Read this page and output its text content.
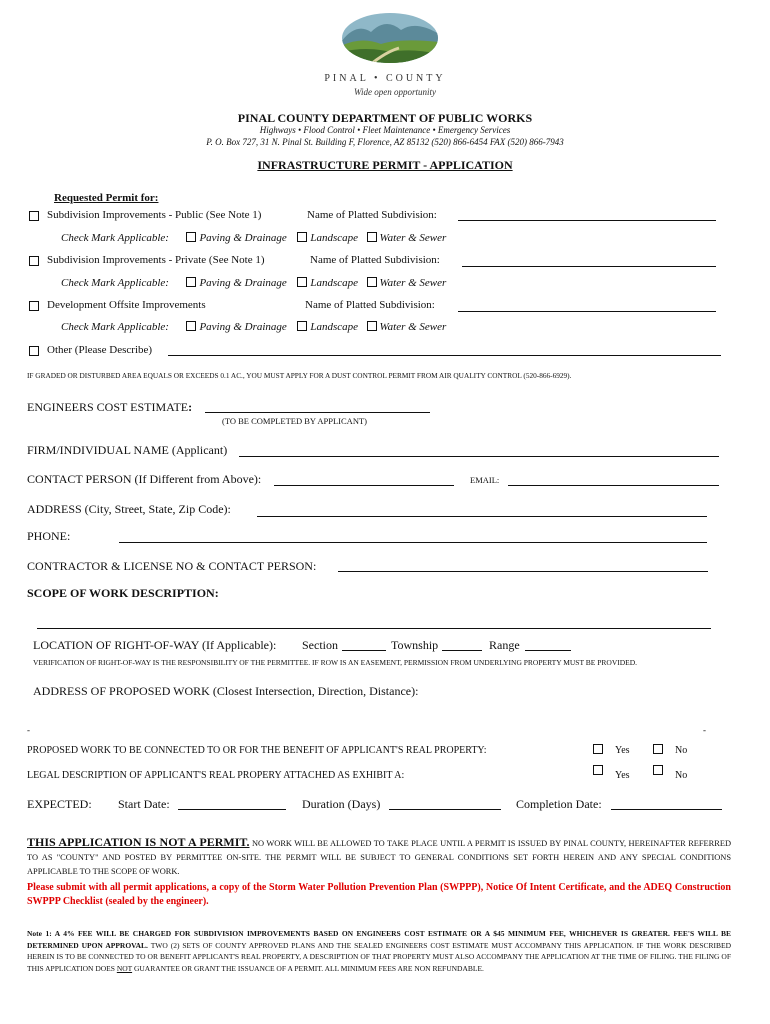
PINAL • COUNTY
Wide open opportunity
PINAL COUNTY DEPARTMENT OF PUBLIC WORKS
Highways • Flood Control • Fleet Maintenance • Emergency Services
P. O. Box 727, 31 N. Pinal St. Building F, Florence, AZ 85132 (520) 866-6454 FAX (520) 866-7943
INFRASTRUCTURE PERMIT - APPLICATION
Requested Permit for:
Subdivision Improvements - Public (See Note 1)	Name of Platted Subdivision:
Check Mark Applicable:	Paving & Drainage Landscape Water & Sewer
Subdivision Improvements - Private (See Note 1)	Name of Platted Subdivision:
Check Mark Applicable:	Paving & Drainage Landscape Water & Sewer
Development Offsite Improvements	Name of Platted Subdivision:
Check Mark Applicable:	Paving & Drainage Landscape Water & Sewer
Other (Please Describe)
IF GRADED OR DISTURBED AREA EQUALS OR EXCEEDS 0.1 AC., YOU MUST APPLY FOR A DUST CONTROL PERMIT FROM AIR QUALITY CONTROL (520-866-6929).
ENGINEERS COST ESTIMATE:
(TO BE COMPLETED BY APPLICANT)
FIRM/INDIVIDUAL NAME (Applicant)
CONTACT PERSON (If Different from Above):	EMAIL:
ADDRESS (City, Street, State, Zip Code):
PHONE:
CONTRACTOR & LICENSE NO & CONTACT PERSON:
SCOPE OF WORK DESCRIPTION:
LOCATION OF RIGHT-OF-WAY (If Applicable): Section	Township	Range
VERIFICATION OF RIGHT-OF-WAY IS THE RESPONSIBILITY OF THE PERMITTEE. IF ROW IS AN EASEMENT, PERMISSION FROM UNDERLYING PROPERTY MUST BE PROVIDED.
ADDRESS OF PROPOSED WORK (Closest Intersection, Direction, Distance):
-	-
PROPOSED WORK TO BE CONNECTED TO OR FOR THE BENEFIT OF APPLICANT'S REAL PROPERTY:	Yes	No
LEGAL DESCRIPTION OF APPLICANT'S REAL PROPERY ATTACHED AS EXHIBIT A:	Yes	No
EXPECTED: Start Date:	Duration (Days)	Completion Date:
THIS APPLICATION IS NOT A PERMIT. NO WORK WILL BE ALLOWED TO TAKE PLACE UNTIL A PERMIT IS ISSUED BY PINAL COUNTY, HEREINAFTER REFERRED TO AS "COUNTY" AND POSTED BY PERMITTEE ON-SITE. THE PERMIT WILL BE SUBJECT TO GENERAL CONDITIONS SET FORTH HEREIN AND ANY SPECIAL CONDITIONS APPLICABLE TO THE SCOPE OF WORK.
Please submit with all permit applications, a copy of the Storm Water Pollution Prevention Plan (SWPPP), Notice Of Intent Certificate, and the ADEQ Construction SWPPP Checklist (sealed by the engineer).
Note 1: A 4% FEE WILL BE CHARGED FOR SUBDIVISION IMPROVEMENTS BASED ON ENGINEERS COST ESTIMATE OR A $45 MINIMUM FEE, WHICHEVER IS GREATER. FEE'S WILL BE DETERMINED UPON APPROVAL. TWO (2) SETS OF COUNTY APPROVED PLANS AND THE SEALED ENGINEERS COST ESTIMATE MUST ACCOMPANY THIS APPLICATION. IF THE WORK DESCRIBED HEREIN IS TO BE CONNECTED TO OR BENEFIT APPLICANT'S REAL PROPERTY, A DESCRIPTION OF THAT PROPERTY MUST ALSO ACCOMPANY THE APPLICATION AT THE TIME OF FILING. THE FILING OF THIS APPLICATION DOES NOT GUARANTEE OR GRANT THE ISSUANCE OF A PERMIT. ALL MINIMUM FEES ARE NON REFUNDABLE.
